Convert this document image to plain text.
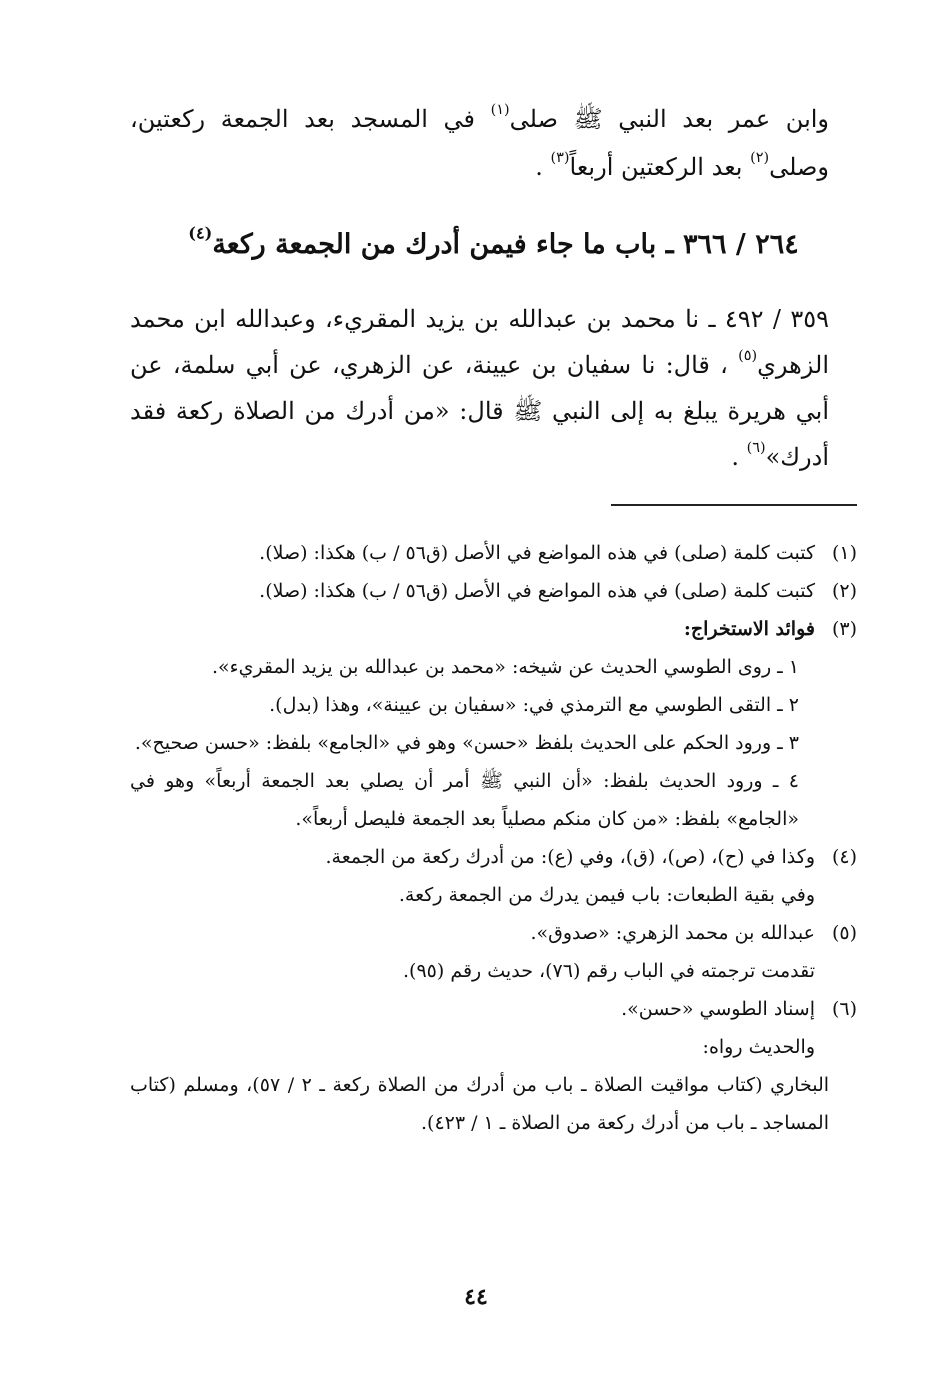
وابن عمر بعد النبي ﷺ صلى$^{(١)}$ في المسجد بعد الجمعة ركعتين، وصلى$^{(٢)}$ بعد الركعتين أربعاً$^{(٣)}$ .

٢٦٤ / ٣٦٦ ـ باب ما جاء فيمن أدرك من الجمعة ركعة$^{(٤)}$

٣٥٩ / ٤٩٢ ـ نا محمد بن عبدالله بن يزيد المقريء، وعبدالله ابن محمد الزهري$^{(٥)}$ ، قال: نا سفيان بن عيينة، عن الزهري، عن أبي سلمة، عن أبي هريرة يبلغ به إلى النبي ﷺ قال: «من أدرك من الصلاة ركعة فقد أدرك»$^{(٦)}$ .

(١)
كتبت كلمة (صلى) في هذه المواضع في الأصل (ق٥٦ / ب) هكذا: (صلا).
(٢)
كتبت كلمة (صلى) في هذه المواضع في الأصل (ق٥٦ / ب) هكذا: (صلا).
(٣)
فوائد الاستخراج:

١ ـ روى الطوسي الحديث عن شيخه: «محمد بن عبدالله بن يزيد المقريء».

٢ ـ التقى الطوسي مع الترمذي في: «سفيان بن عيينة»، وهذا (بدل).

٣ ـ ورود الحكم على الحديث بلفظ «حسن» وهو في «الجامع» بلفظ: «حسن صحيح».

٤ ـ ورود الحديث بلفظ: «أن النبي ﷺ أمر أن يصلي بعد الجمعة أربعاً» وهو في «الجامع» بلفظ: «من كان منكم مصلياً بعد الجمعة فليصل أربعاً».

(٤)
وكذا في (ح)، (ص)، (ق)، وفي (ع): من أدرك ركعة من الجمعة.
وفي بقية الطبعات: باب فيمن يدرك من الجمعة ركعة.
(٥)
عبدالله بن محمد الزهري: «صدوق».
تقدمت ترجمته في الباب رقم (٧٦)، حديث رقم (٩٥).
(٦)
إسناد الطوسي «حسن».
والحديث رواه:

البخاري (كتاب مواقيت الصلاة ـ باب من أدرك من الصلاة ركعة ـ ٢ / ٥٧)، ومسلم (كتاب المساجد ـ باب من أدرك ركعة من الصلاة ـ ١ / ٤٢٣).

٤٤
